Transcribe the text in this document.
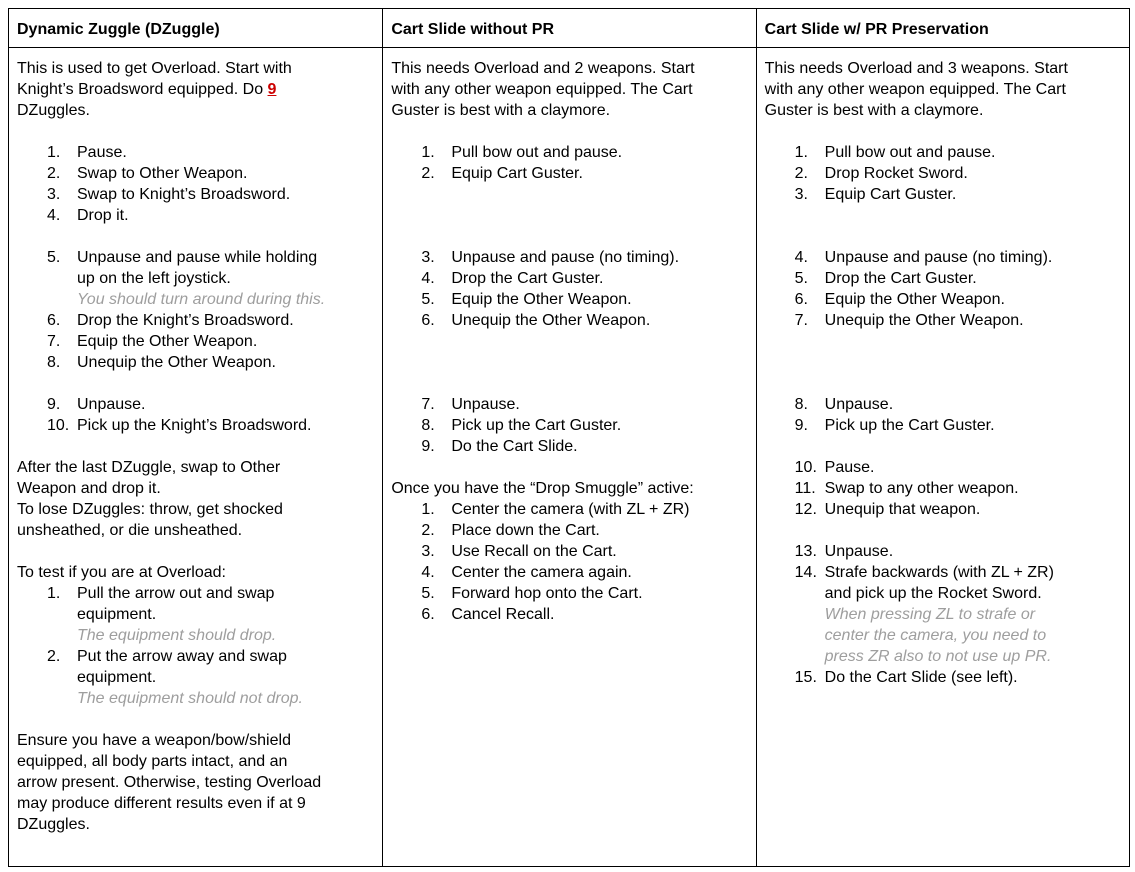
Dynamic Zuggle (DZuggle)
This is used to get Overload. Start with
Knight’s Broadsword equipped. Do 9
DZuggles.
1. Pause.
2. Swap to Other Weapon.
3. Swap to Knight’s Broadsword.
4. Drop it.
5. Unpause and pause while holding
up on the left joystick.
You should turn around during this.
6. Drop the Knight’s Broadsword.
7. Equip the Other Weapon.
8. Unequip the Other Weapon.
9. Unpause.
10. Pick up the Knight’s Broadsword.
After the last DZuggle, swap to Other
Weapon and drop it.
To lose DZuggles: throw, get shocked
unsheathed, or die unsheathed.
To test if you are at Overload:
1. Pull the arrow out and swap
equipment.
The equipment should drop.
2. Put the arrow away and swap
equipment.
The equipment should not drop.
Ensure you have a weapon/bow/shield
equipped, all body parts intact, and an
arrow present. Otherwise, testing Overload
may produce different results even if at 9
DZuggles.
Cart Slide without PR
This needs Overload and 2 weapons. Start
with any other weapon equipped. The Cart
Guster is best with a claymore.
1. Pull bow out and pause.
2. Equip Cart Guster.
3. Unpause and pause (no timing).
4. Drop the Cart Guster.
5. Equip the Other Weapon.
6. Unequip the Other Weapon.
7. Unpause.
8. Pick up the Cart Guster.
9. Do the Cart Slide.
Once you have the “Drop Smuggle” active:
1. Center the camera (with ZL + ZR)
2. Place down the Cart.
3. Use Recall on the Cart.
4. Center the camera again.
5. Forward hop onto the Cart.
6. Cancel Recall.
Cart Slide w/ PR Preservation
This needs Overload and 3 weapons. Start
with any other weapon equipped. The Cart
Guster is best with a claymore.
1. Pull bow out and pause.
2. Drop Rocket Sword.
3. Equip Cart Guster.
4. Unpause and pause (no timing).
5. Drop the Cart Guster.
6. Equip the Other Weapon.
7. Unequip the Other Weapon.
8. Unpause.
9. Pick up the Cart Guster.
10. Pause.
11. Swap to any other weapon.
12. Unequip that weapon.
13. Unpause.
14. Strafe backwards (with ZL + ZR)
and pick up the Rocket Sword.
When pressing ZL to strafe or
center the camera, you need to
press ZR also to not use up PR.
15. Do the Cart Slide (see left).
